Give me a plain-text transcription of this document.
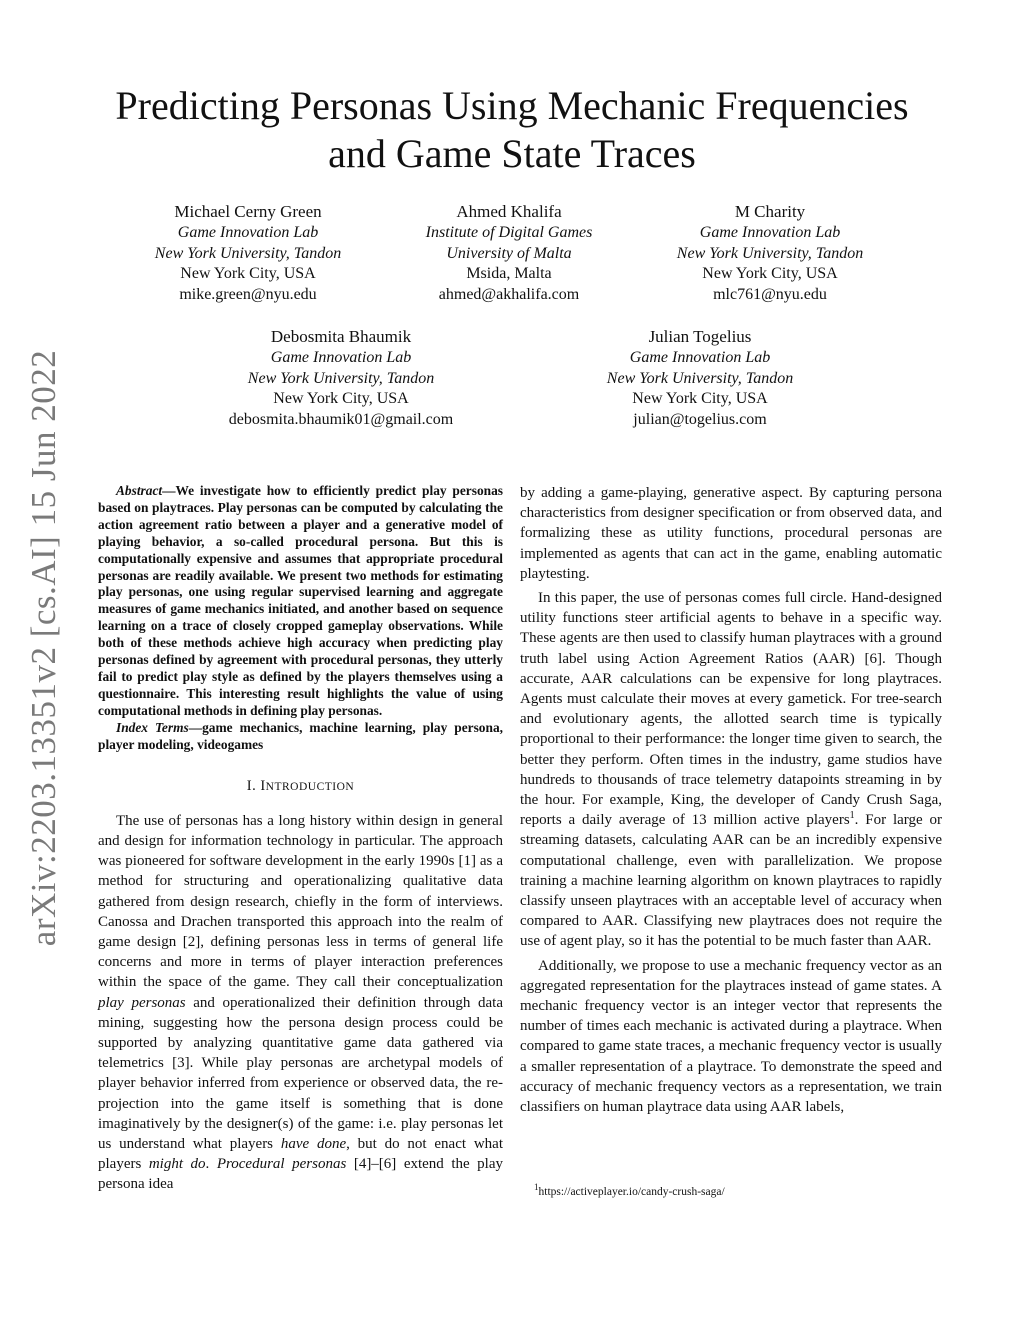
arXiv:2203.13351v2 [cs.AI] 15 Jun 2022
Predicting Personas Using Mechanic Frequencies
and Game State Traces
Michael Cerny Green
Game Innovation Lab
New York University, Tandon
New York City, USA
mike.green@nyu.edu
Ahmed Khalifa
Institute of Digital Games
University of Malta
Msida, Malta
ahmed@akhalifa.com
M Charity
Game Innovation Lab
New York University, Tandon
New York City, USA
mlc761@nyu.edu
Debosmita Bhaumik
Game Innovation Lab
New York University, Tandon
New York City, USA
debosmita.bhaumik01@gmail.com
Julian Togelius
Game Innovation Lab
New York University, Tandon
New York City, USA
julian@togelius.com

Abstract—We investigate how to efficiently predict play personas based on playtraces. Play personas can be computed by calculating the action agreement ratio between a player and a generative model of playing behavior, a so-called procedural persona. But this is computationally expensive and assumes that appropriate procedural personas are readily available. We present two methods for estimating play personas, one using regular supervised learning and aggregate measures of game mechanics initiated, and another based on sequence learning on a trace of closely cropped gameplay observations. While both of these methods achieve high accuracy when predicting play personas defined by agreement with procedural personas, they utterly fail to predict play style as defined by the players themselves using a questionnaire. This interesting result highlights the value of using computational methods in defining play personas.

Index Terms—game mechanics, machine learning, play persona, player modeling, videogames

I. INTRODUCTION

The use of personas has a long history within design in general and design for information technology in particular. The approach was pioneered for software development in the early 1990s [1] as a method for structuring and operationalizing qualitative data gathered from design research, chiefly in the form of interviews. Canossa and Drachen transported this approach into the realm of game design [2], defining personas less in terms of general life concerns and more in terms of player interaction preferences within the space of the game. They call their conceptualization play personas and operationalized their definition through data mining, suggesting how the persona design process could be supported by analyzing quantitative game data gathered via telemetrics [3]. While play personas are archetypal models of player behavior inferred from experience or observed data, the re-projection into the game itself is something that is done imaginatively by the designer(s) of the game: i.e. play personas let us understand what players have done, but do not enact what players might do. Procedural personas [4]–[6] extend the play persona idea

by adding a game-playing, generative aspect. By capturing persona characteristics from designer specification or from observed data, and formalizing these as utility functions, procedural personas are implemented as agents that can act in the game, enabling automatic playtesting.

In this paper, the use of personas comes full circle. Hand-designed utility functions steer artificial agents to behave in a specific way. These agents are then used to classify human playtraces with a ground truth label using Action Agreement Ratios (AAR) [6]. Though accurate, AAR calculations can be expensive for long playtraces. Agents must calculate their moves at every gametick. For tree-search and evolutionary agents, the allotted search time is typically proportional to their performance: the longer time given to search, the better they perform. Often times in the industry, game studios have hundreds to thousands of trace telemetry datapoints streaming in by the hour. For example, King, the developer of Candy Crush Saga, reports a daily average of 13 million active players$^1$. For large or streaming datasets, calculating AAR can be an incredibly expensive computational challenge, even with parallelization. We propose training a machine learning algorithm on known playtraces to rapidly classify unseen playtraces with an acceptable level of accuracy when compared to AAR. Classifying new playtraces does not require the use of agent play, so it has the potential to be much faster than AAR.

Additionally, we propose to use a mechanic frequency vector as an aggregated representation for the playtraces instead of game states. A mechanic frequency vector is an integer vector that represents the number of times each mechanic is activated during a playtrace. When compared to game state traces, a mechanic frequency vector is usually a smaller representation of a playtrace. To demonstrate the speed and accuracy of mechanic frequency vectors as a representation, we train classifiers on human playtrace data using AAR labels,

$^1$https://activeplayer.io/candy-crush-saga/
